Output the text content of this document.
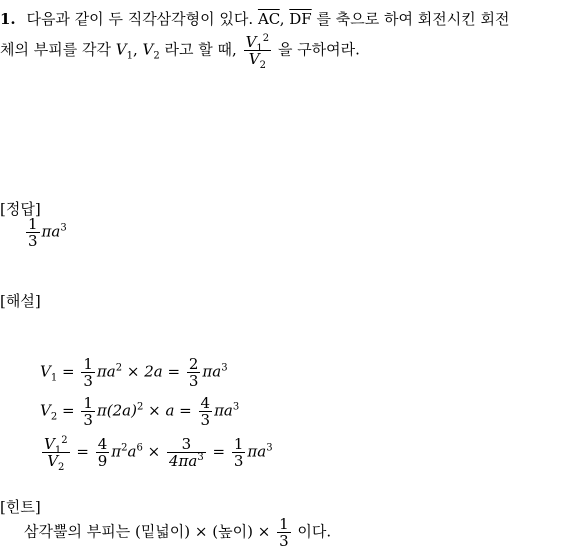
1. 다음과 같이 두 직각삼각형이 있다. $\overline{AC}$, $\overline{DF}$ 를 축으로 하여 회전시킨 회전
체의 부피를 각각 $V_1$, $V_2$ 라고 할 때, $\frac{V_1^2}{V_2}$ 을 구하여라.
[정답]
$\frac{1}{3} \pi a^3$
[해설]
$V_1 = \frac{1}{3} \pi a^2 \times 2a = \frac{2}{3} \pi a^3$
$V_2 = \frac{1}{3} \pi(2a)^2 \times a = \frac{4}{3} \pi a^3$
$\frac{V_1^2}{V_2} = \frac{4}{9} \pi^2a^6 \times \frac{3}{4\pi a^3} = \frac{1}{3} \pi a^3$
[힌트]
삼각뿔의 부피는 (밑넓이) × (높이) × $\frac{1}{3}$ 이다.
